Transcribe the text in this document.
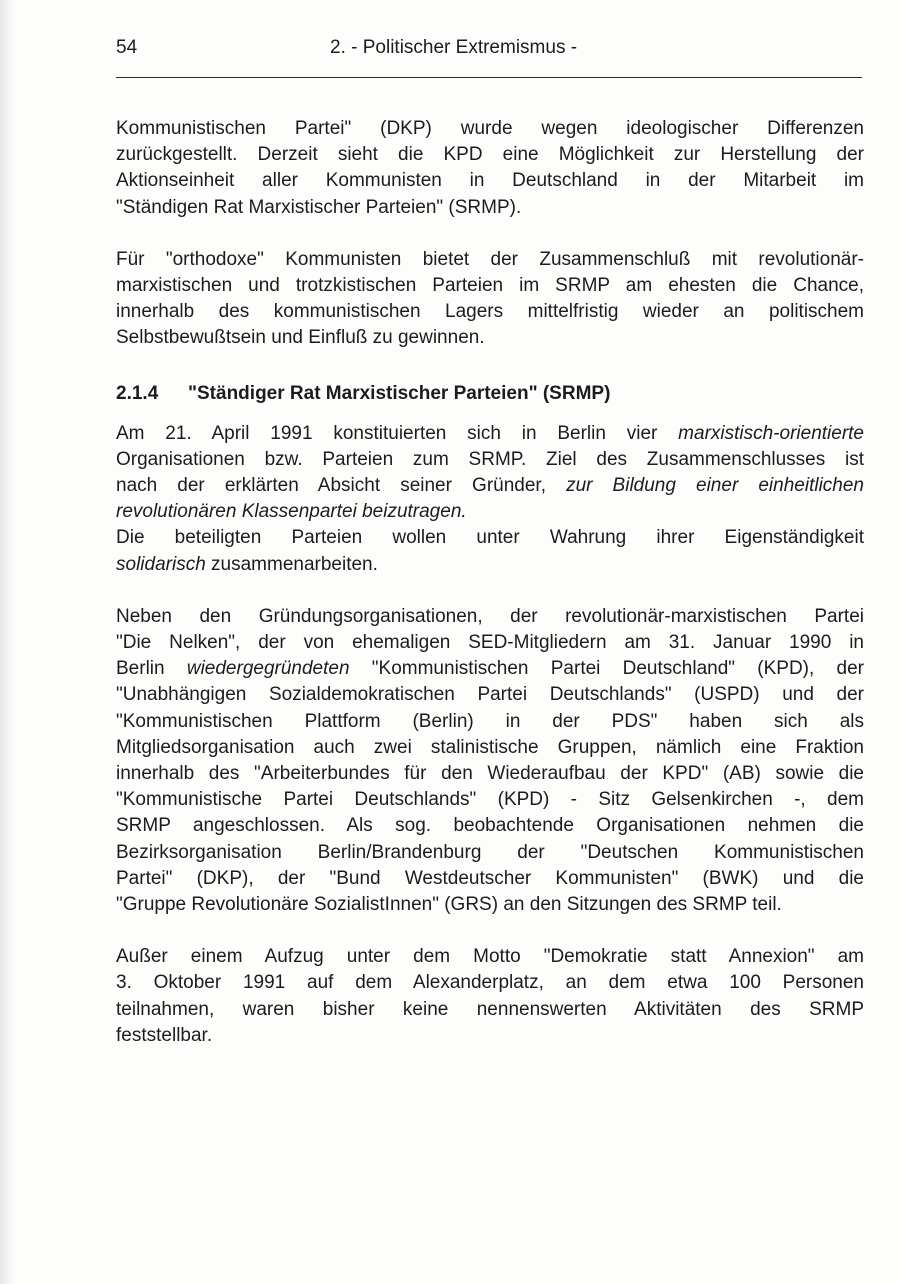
54	2. - Politischer Extremismus -

Kommunistischen Partei" (DKP) wurde wegen ideologischer Differenzen
zurückgestellt. Derzeit sieht die KPD eine Möglichkeit zur Herstellung der
Aktionseinheit aller Kommunisten in Deutschland in der Mitarbeit im
"Ständigen Rat Marxistischer Parteien" (SRMP).

Für "orthodoxe" Kommunisten bietet der Zusammenschluß mit revolutionär-
marxistischen und trotzkistischen Parteien im SRMP am ehesten die Chance,
innerhalb des kommunistischen Lagers mittelfristig wieder an politischem
Selbstbewußtsein und Einfluß zu gewinnen.

2.1.4 "Ständiger Rat Marxistischer Parteien" (SRMP)

Am 21. April 1991 konstituierten sich in Berlin vier marxistisch-orientierte
Organisationen bzw. Parteien zum SRMP. Ziel des Zusammenschlusses ist
nach der erklärten Absicht seiner Gründer, zur Bildung einer einheitlichen
revolutionären Klassenpartei beizutragen.
Die beteiligten Parteien wollen unter Wahrung ihrer Eigenständigkeit
solidarisch zusammenarbeiten.

Neben den Gründungsorganisationen, der revolutionär-marxistischen Partei
"Die Nelken", der von ehemaligen SED-Mitgliedern am 31. Januar 1990 in
Berlin wiedergegründeten "Kommunistischen Partei Deutschland" (KPD), der
"Unabhängigen Sozialdemokratischen Partei Deutschlands" (USPD) und der
"Kommunistischen Plattform (Berlin) in der PDS" haben sich als
Mitgliedsorganisation auch zwei stalinistische Gruppen, nämlich eine Fraktion
innerhalb des "Arbeiterbundes für den Wiederaufbau der KPD" (AB) sowie die
"Kommunistische Partei Deutschlands" (KPD) - Sitz Gelsenkirchen -, dem
SRMP angeschlossen. Als sog. beobachtende Organisationen nehmen die
Bezirksorganisation Berlin/Brandenburg der "Deutschen Kommunistischen
Partei" (DKP), der "Bund Westdeutscher Kommunisten" (BWK) und die
"Gruppe Revolutionäre SozialistInnen" (GRS) an den Sitzungen des SRMP teil.

Außer einem Aufzug unter dem Motto "Demokratie statt Annexion" am
3. Oktober 1991 auf dem Alexanderplatz, an dem etwa 100 Personen
teilnahmen, waren bisher keine nennenswerten Aktivitäten des SRMP
feststellbar.
